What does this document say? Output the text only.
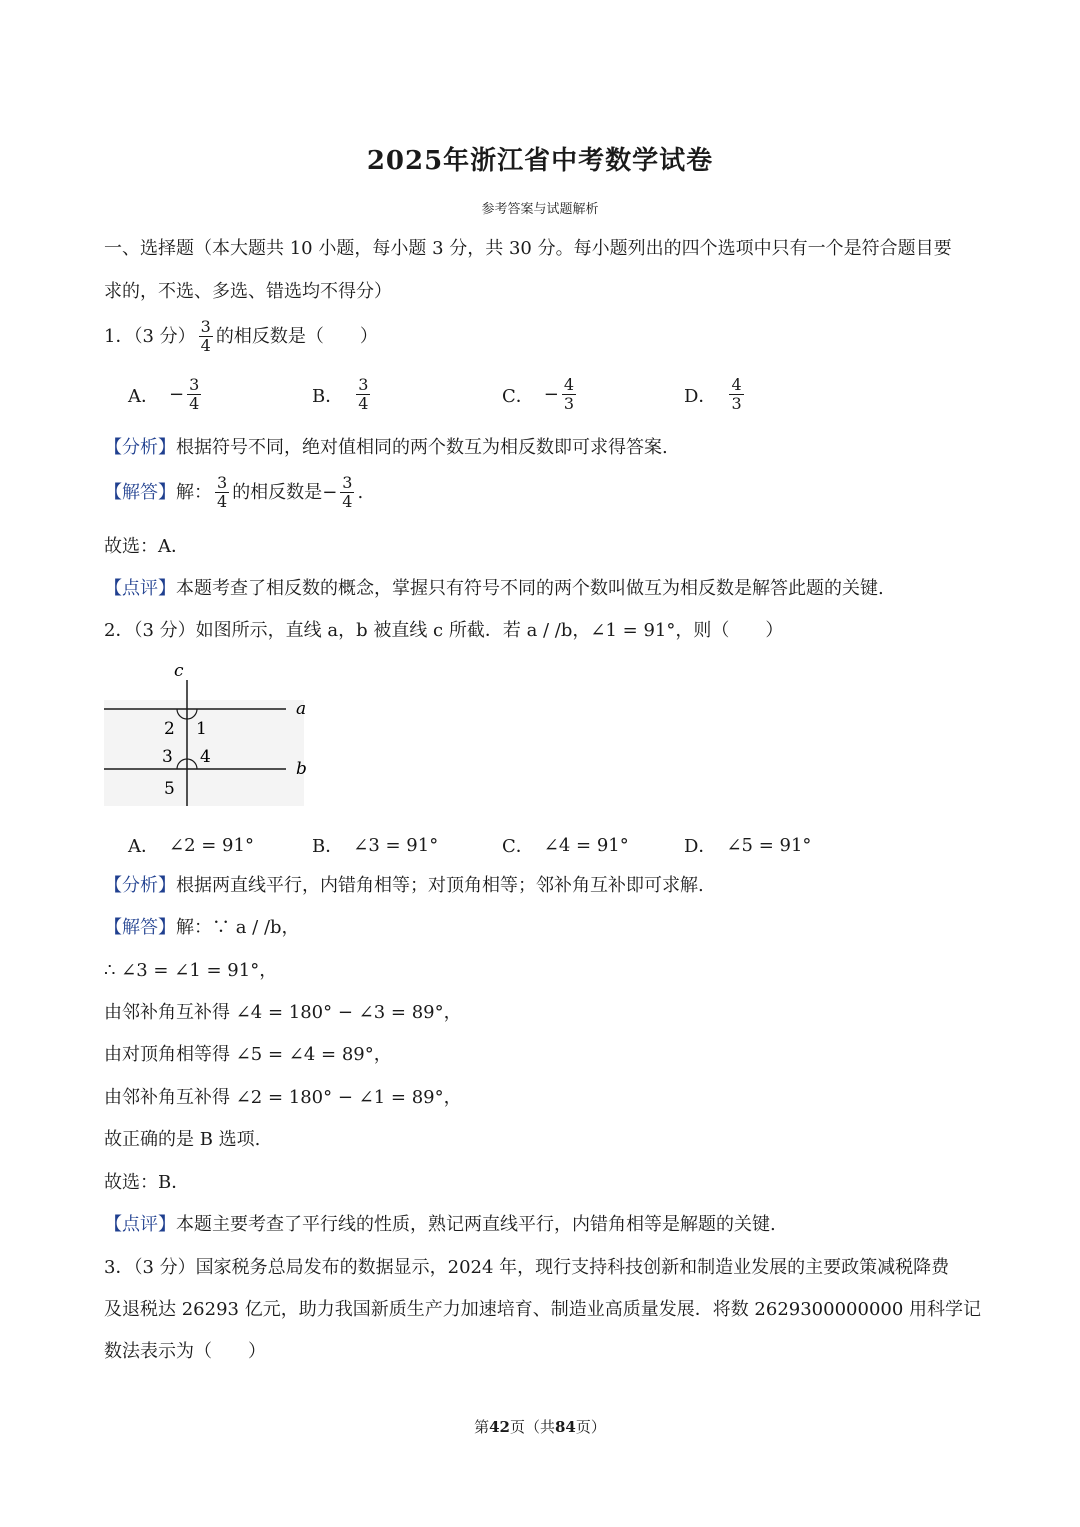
2025年浙江省中考数学试卷
参考答案与试题解析
一、选择题（本大题共 10 小题，每小题 3 分，共 30 分。每小题列出的四个选项中只有一个是符合题目要
求的，不选、多选、错选均不得分）
1．（3 分） $\frac{3}{4}$ 的相反数是（　　）
A． − $\frac{3}{4}$	B． $\frac{3}{4}$	C． − $\frac{4}{3}$	D． $\frac{4}{3}$
【分析】根据符号不同，绝对值相同的两个数互为相反数即可求得答案.
【解答】 解： $\frac{3}{4}$ 的相反数是 − $\frac{3}{4}$ .
故选：A．
【点评】本题考查了相反数的概念，掌握只有符号不同的两个数叫做互为相反数是解答此题的关键.
2．（3 分）如图所示，直线 a，b 被直线 c 所截．若 a / /b，∠1 = 91°，则（　　）
c
a
b
2 1
3 4
5
A． ∠2 = 91°	B． ∠3 = 91°	C． ∠4 = 91°	D． ∠5 = 91°
【分析】根据两直线平行，内错角相等；对顶角相等；邻补角互补即可求解.
【解答】解：∵ a / /b，
∴ ∠3 = ∠1 = 91°，
由邻补角互补得 ∠4 = 180° − ∠3 = 89°，
由对顶角相等得 ∠5 = ∠4 = 89°，
由邻补角互补得 ∠2 = 180° − ∠1 = 89°，
故正确的是 B 选项.
故选：B．
【点评】本题主要考查了平行线的性质，熟记两直线平行，内错角相等是解题的关键.
3．（3 分）国家税务总局发布的数据显示，2024 年，现行支持科技创新和制造业发展的主要政策减税降费
及退税达 26293 亿元，助力我国新质生产力加速培育、制造业高质量发展．将数 2629300000000 用科学记
数法表示为（　　）
第42页（共84页）
